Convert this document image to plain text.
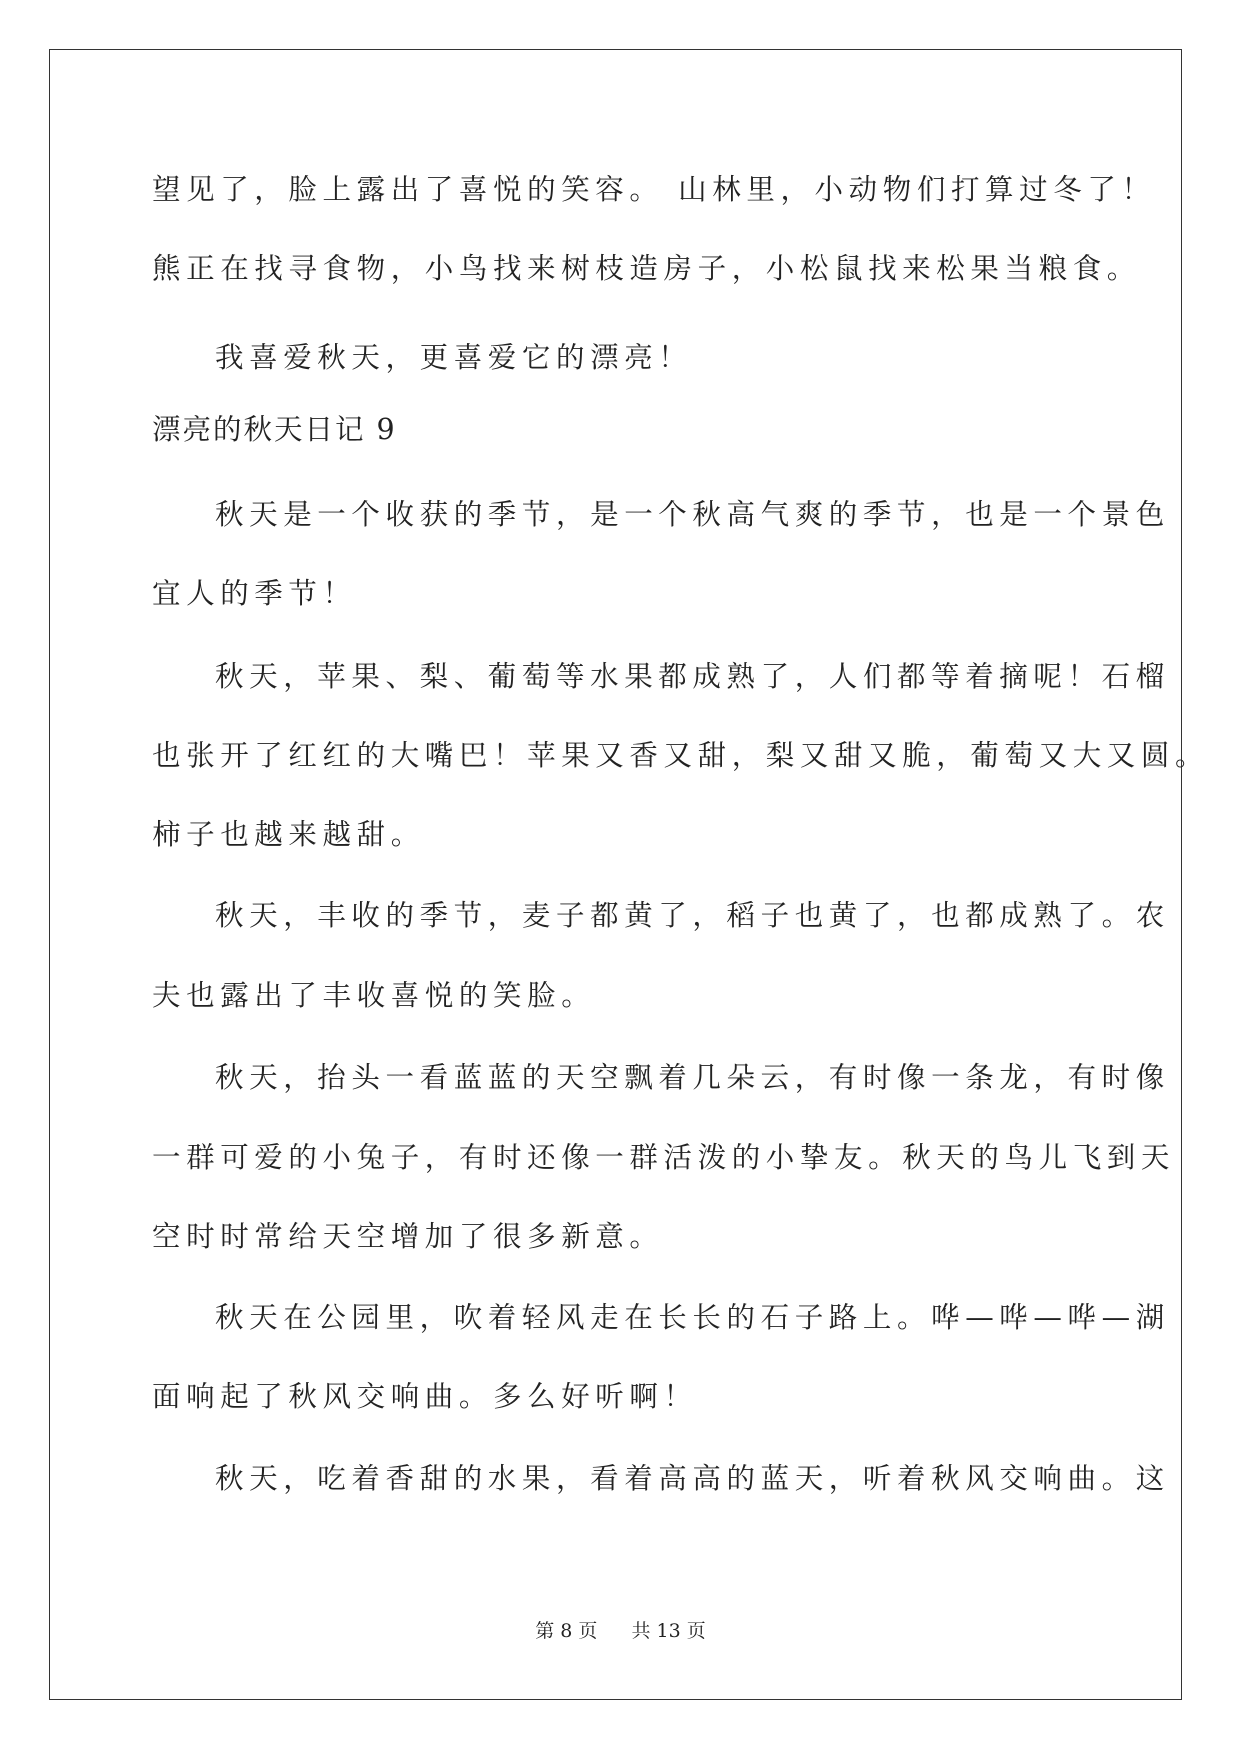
望见了，脸上露出了喜悦的笑容。 山林里，小动物们打算过冬了！
熊正在找寻食物，小鸟找来树枝造房子，小松鼠找来松果当粮食。
我喜爱秋天，更喜爱它的漂亮！
漂亮的秋天日记 9
秋天是一个收获的季节，是一个秋高气爽的季节，也是一个景色
宜人的季节！
秋天，苹果、梨、葡萄等水果都成熟了，人们都等着摘呢！石榴
也张开了红红的大嘴巴！苹果又香又甜，梨又甜又脆，葡萄又大又圆。
柿子也越来越甜。
秋天，丰收的季节，麦子都黄了，稻子也黄了，也都成熟了。农
夫也露出了丰收喜悦的笑脸。
秋天，抬头一看蓝蓝的天空飘着几朵云，有时像一条龙，有时像
一群可爱的小兔子，有时还像一群活泼的小挚友。秋天的鸟儿飞到天
空时时常给天空增加了很多新意。
秋天在公园里，吹着轻风走在长长的石子路上。哗—哗—哗—湖
面响起了秋风交响曲。多么好听啊！
秋天，吃着香甜的水果，看着高高的蓝天，听着秋风交响曲。这
第 8 页 共 13 页
